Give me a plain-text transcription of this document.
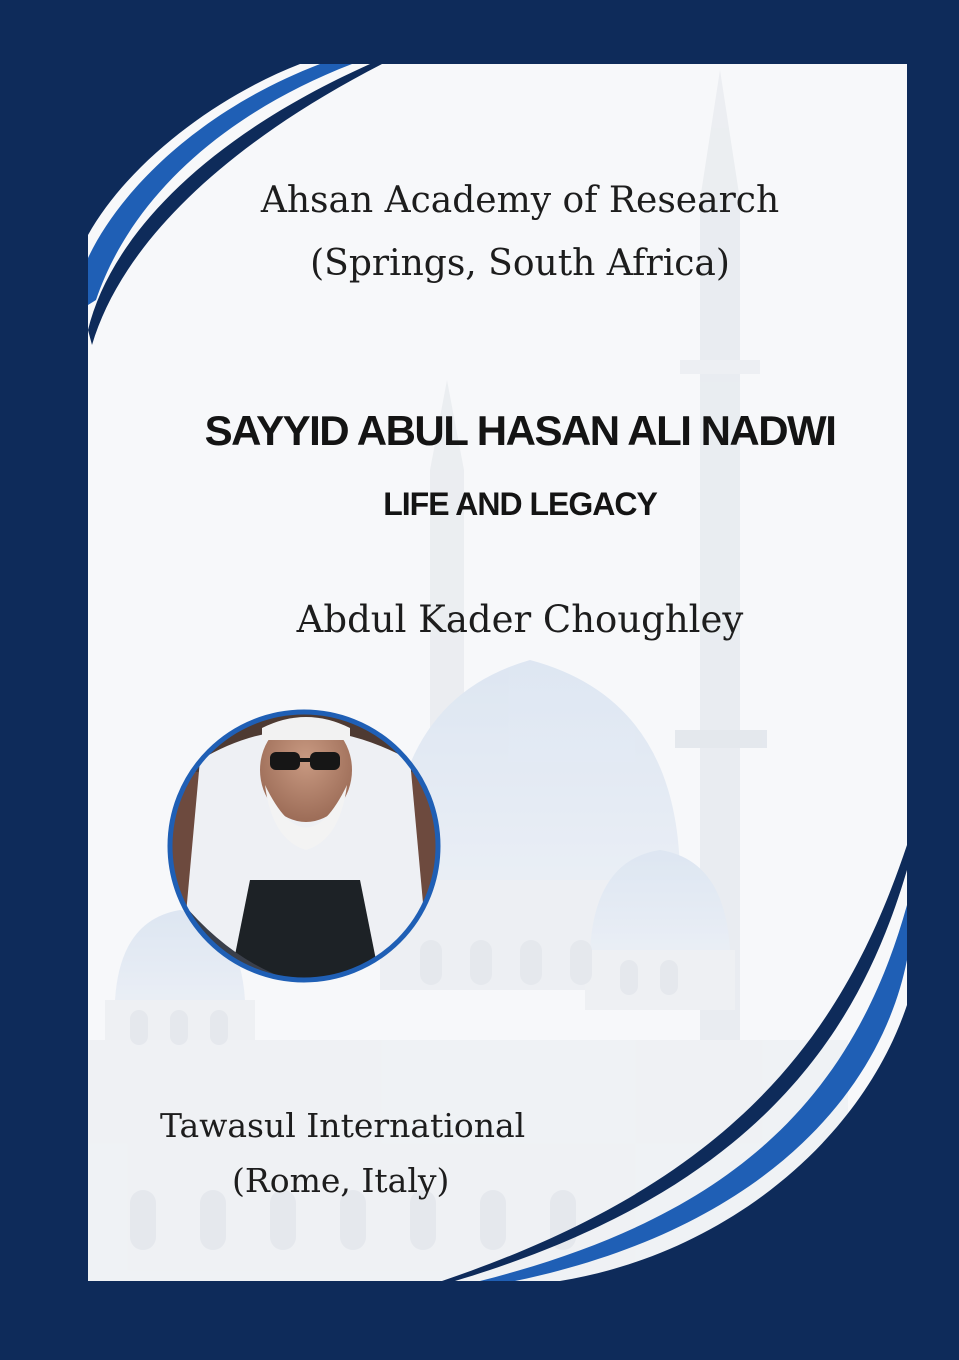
Ahsan Academy of Research
(Springs, South Africa)
SAYYID ABUL HASAN ALI NADWI
LIFE AND LEGACY
Abdul Kader Choughley
Tawasul International
(Rome, Italy)
